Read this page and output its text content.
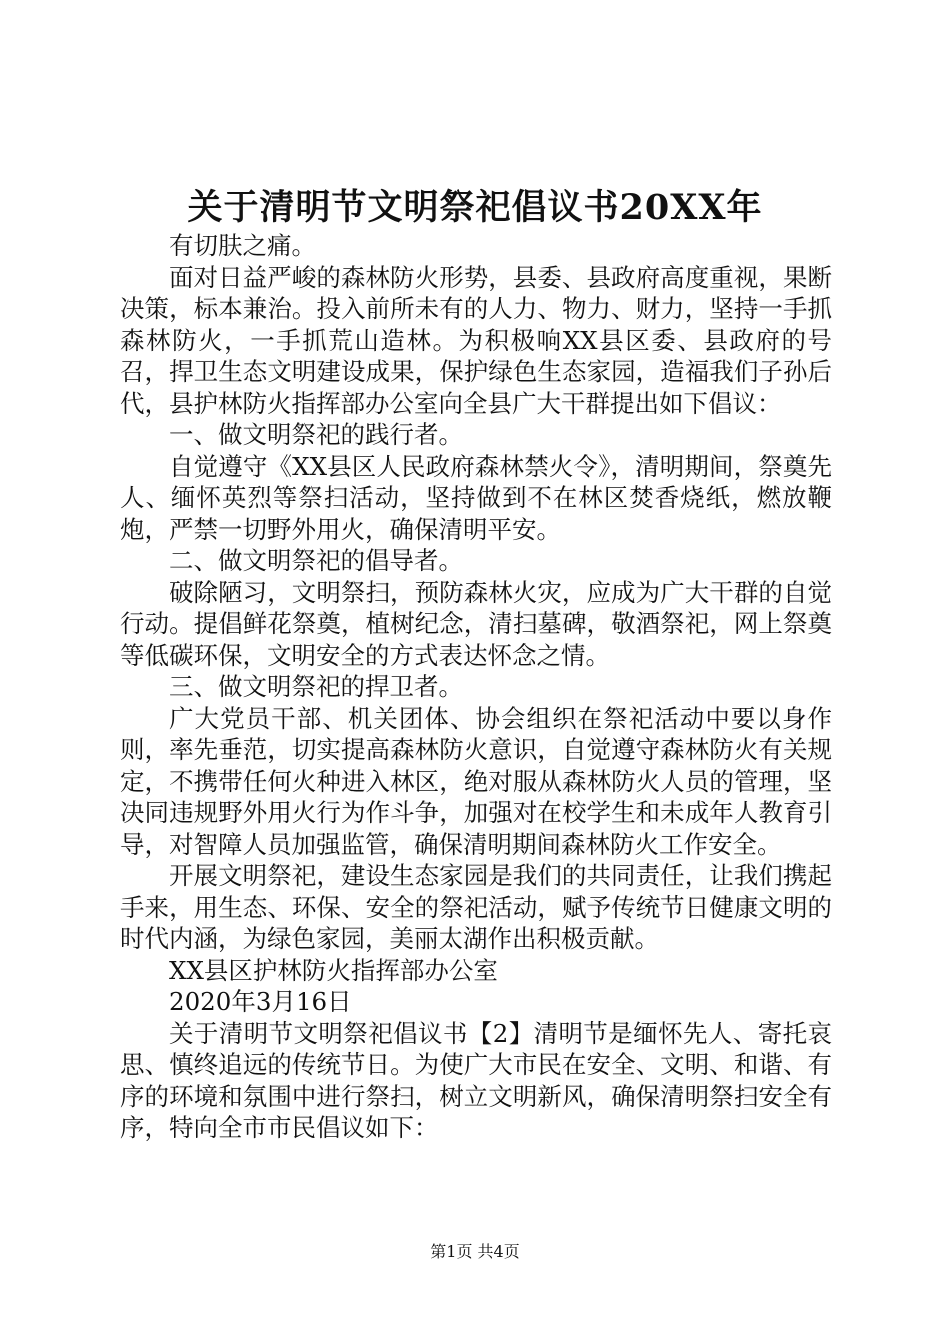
关于清明节文明祭祀倡议书20XX年

有切肤之痛。

面对日益严峻的森林防火形势，县委、县政府高度重视，果断决策，标本兼治。投入前所未有的人力、物力、财力，坚持一手抓森林防火，一手抓荒山造林。为积极响XX县区委、县政府的号召，捍卫生态文明建设成果，保护绿色生态家园，造福我们子孙后代，县护林防火指挥部办公室向全县广大干群提出如下倡议：

一、做文明祭祀的践行者。

自觉遵守《XX县区人民政府森林禁火令》，清明期间，祭奠先人、缅怀英烈等祭扫活动，坚持做到不在林区焚香烧纸，燃放鞭炮，严禁一切野外用火，确保清明平安。

二、做文明祭祀的倡导者。

破除陋习，文明祭扫，预防森林火灾，应成为广大干群的自觉行动。提倡鲜花祭奠，植树纪念，清扫墓碑，敬酒祭祀，网上祭奠等低碳环保，文明安全的方式表达怀念之情。

三、做文明祭祀的捍卫者。

广大党员干部、机关团体、协会组织在祭祀活动中要以身作则，率先垂范，切实提高森林防火意识，自觉遵守森林防火有关规定，不携带任何火种进入林区，绝对服从森林防火人员的管理，坚决同违规野外用火行为作斗争，加强对在校学生和未成年人教育引导，对智障人员加强监管，确保清明期间森林防火工作安全。

开展文明祭祀，建设生态家园是我们的共同责任，让我们携起手来，用生态、环保、安全的祭祀活动，赋予传统节日健康文明的时代内涵，为绿色家园，美丽太湖作出积极贡献。

XX县区护林防火指挥部办公室

2020年3月16日

关于清明节文明祭祀倡议书【2】清明节是缅怀先人、寄托哀思、慎终追远的传统节日。为使广大市民在安全、文明、和谐、有序的环境和氛围中进行祭扫，树立文明新风，确保清明祭扫安全有序，特向全市市民倡议如下：

第1页 共4页
